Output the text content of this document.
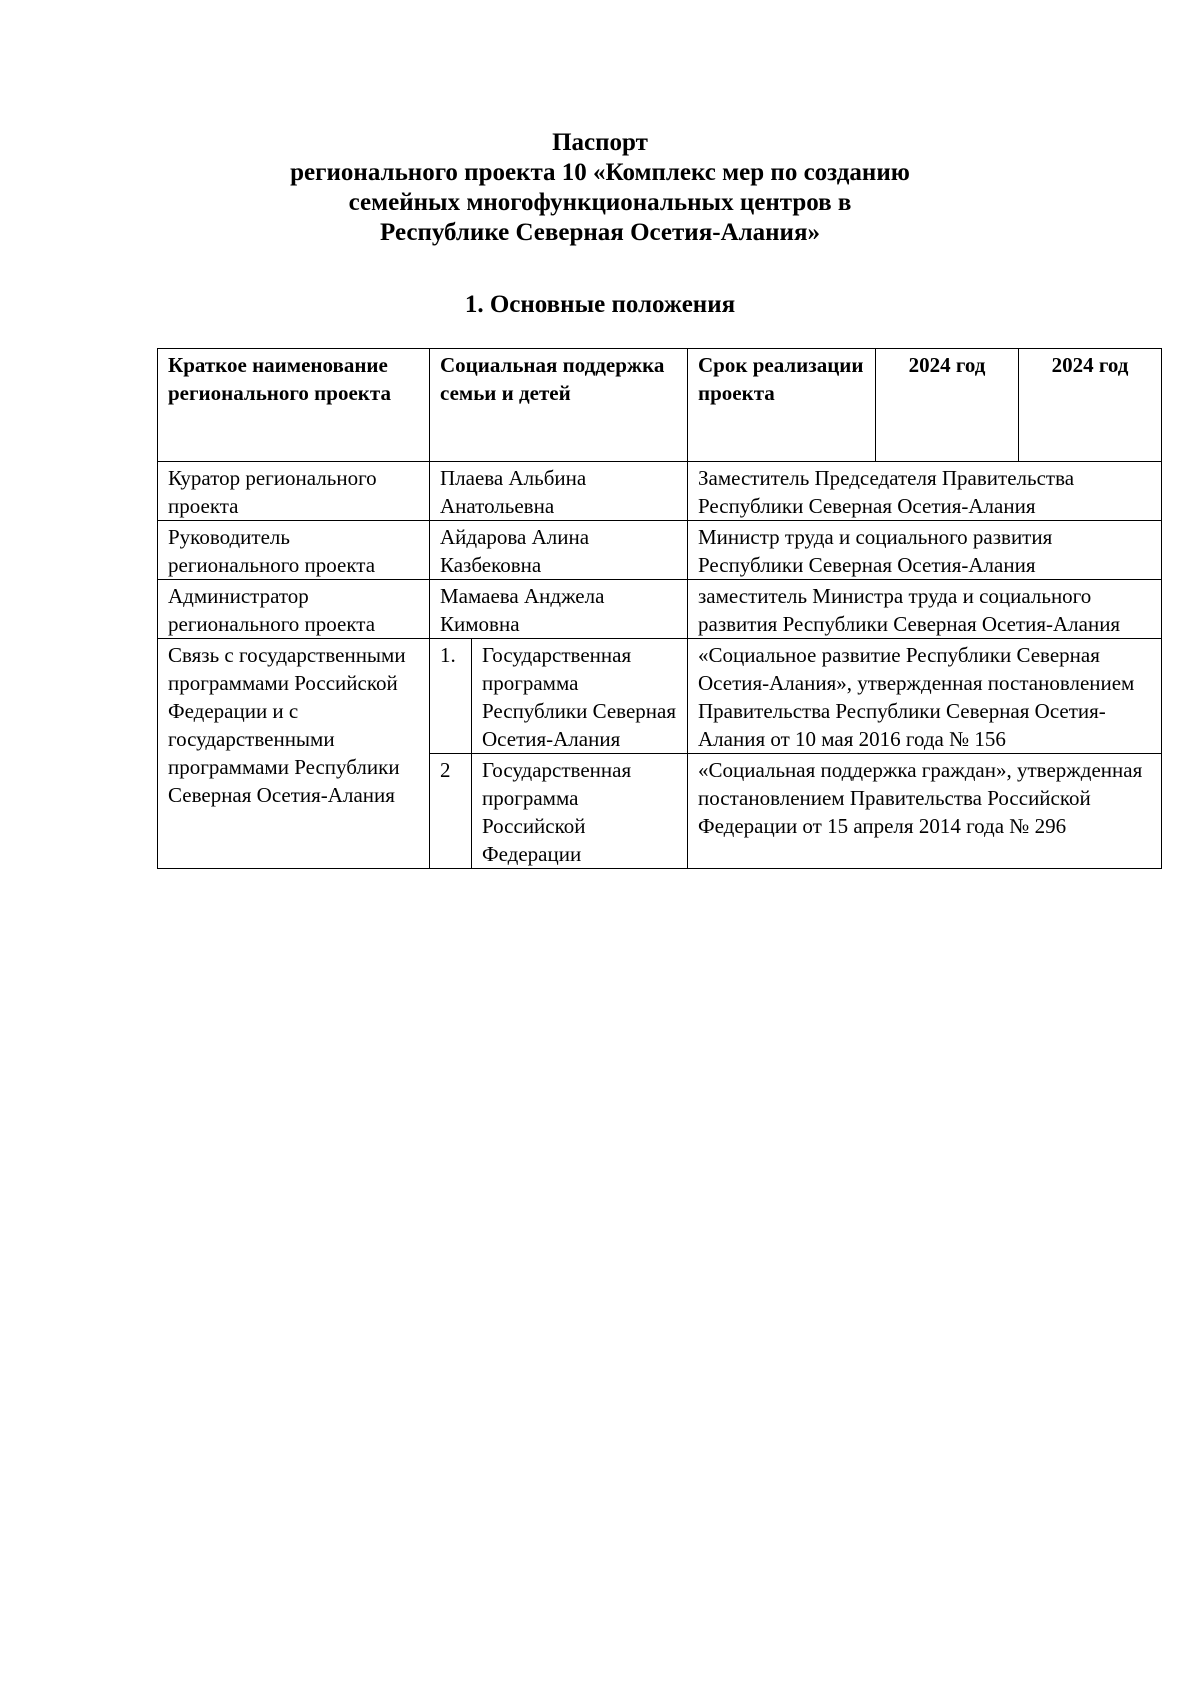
Паспорт
регионального проекта 10 «Комплекс мер по созданию
семейных многофункциональных центров в
Республике Северная Осетия-Алания»
1. Основные положения
Краткое наименование регионального проекта	Социальная поддержка семьи и детей		Срок реализации проекта	2024 год	2024 год
Куратор регионального проекта	Плаева Альбина Анатольевна		Заместитель Председателя Правительства Республики Северная Осетия-Алания		
Руководитель регионального проекта	Айдарова Алина Казбековна		Министр труда и социального развития Республики Северная Осетия-Алания		
Администратор регионального проекта	Мамаева Анджела Кимовна		заместитель Министра труда и социального развития Республики Северная Осетия-Алания		
Связь с государственными программами Российской Федерации и с государственными программами Республики Северная Осетия-Алания	1.	Государственная программа Республики Северная Осетия-Алания	«Социальное развитие Республики Северная Осетия-Алания», утвержденная постановлением Правительства Республики Северная Осетия-Алания от 10 мая 2016 года № 156		
	2	Государственная программа Российской Федерации	«Социальная поддержка граждан», утвержденная постановлением Правительства Российской Федерации от 15 апреля 2014 года № 296		
